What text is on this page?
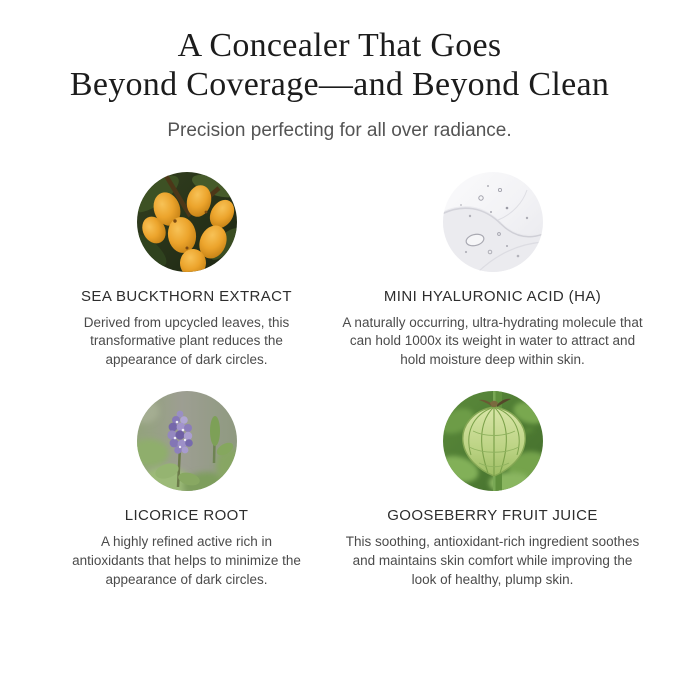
A Concealer That Goes
Beyond Coverage—and Beyond Clean
Precision perfecting for all over radiance.
SEA BUCKTHORN EXTRACT

Derived from upcycled leaves, this transformative plant reduces the appearance of dark circles.

MINI HYALURONIC ACID (HA)

A naturally occurring, ultra-hydrating molecule that can hold 1000x its weight in water to attract and hold moisture deep within skin.

LICORICE ROOT

A highly refined active rich in antioxidants that helps to minimize the appearance of dark circles.

GOOSEBERRY FRUIT JUICE

This soothing, antioxidant-rich ingredient soothes and maintains skin comfort while improving the look of healthy, plump skin.
